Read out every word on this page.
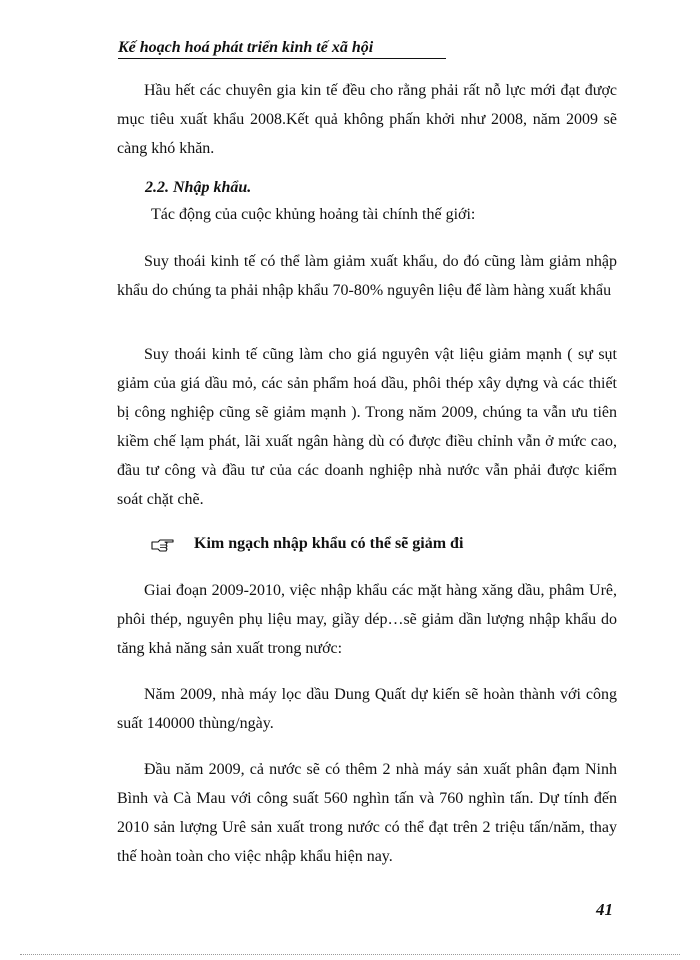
Kế hoạch hoá phát triển kinh tế xã hội

Hầu hết các chuyên gia kin tế đều cho rằng phải rất nỗ lực mới đạt được mục tiêu xuất khẩu 2008.Kết quả không phấn khởi như 2008, năm 2009 sẽ càng khó khăn.

2.2. Nhập khẩu.
Tác động của cuộc khủng hoảng tài chính thế giới:

Suy thoái kinh tế có thể làm giảm xuất khẩu, do đó cũng làm giảm nhập khẩu do chúng ta phải nhập khẩu 70-80% nguyên liệu để làm hàng xuất khẩu

Suy thoái kinh tế cũng làm cho giá nguyên vật liệu giảm mạnh ( sự sụt giảm của giá dầu mỏ, các sản phẩm hoá dầu, phôi thép xây dựng và các thiết bị công nghiệp cũng sẽ giảm mạnh ). Trong năm 2009, chúng ta vẫn ưu tiên kiềm chế lạm phát, lãi xuất ngân hàng dù có được điều chỉnh vẫn ở mức cao, đầu tư công và đầu tư của các doanh nghiệp nhà nước vẫn phải được kiểm soát chặt chẽ.

Kim ngạch nhập khẩu có thể sẽ giảm đi

Giai đoạn 2009-2010, việc nhập khẩu các mặt hàng xăng dầu, phâm Urê, phôi thép, nguyên phụ liệu may, giầy dép…sẽ giảm dần lượng nhập khẩu do tăng khả năng sản xuất trong nước:

Năm 2009, nhà máy lọc dầu Dung Quất dự kiến sẽ hoàn thành với công suất 140000 thùng/ngày.

Đầu năm 2009, cả nước sẽ có thêm 2 nhà máy sản xuất phân đạm Ninh Bình và Cà Mau với công suất 560 nghìn tấn và 760 nghìn tấn. Dự tính đến 2010 sản lượng Urê sản xuất trong nước có thể đạt trên 2 triệu tấn/năm, thay thế hoàn toàn cho việc nhập khẩu hiện nay.

41
